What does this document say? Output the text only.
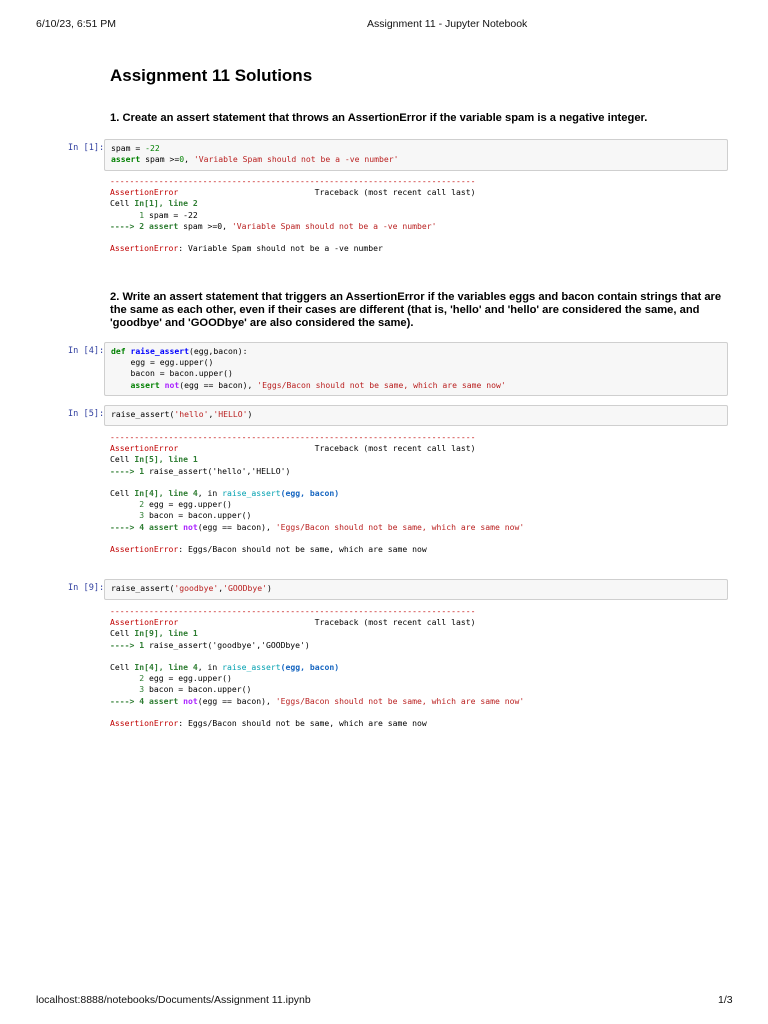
6/10/23, 6:51 PM	Assignment 11 - Jupyter Notebook
Assignment 11 Solutions
1. Create an assert statement that throws an AssertionError if the variable spam is a negative integer.
In [1]: spam = -22
assert spam >=0, 'Variable Spam should not be a -ve number'
---------------------------------------------------------------------------
AssertionError                            Traceback (most recent call last)
Cell In[1], line 2
1 spam = -22
----> 2 assert spam >=0, 'Variable Spam should not be a -ve number'

AssertionError: Variable Spam should not be a -ve number
2. Write an assert statement that triggers an AssertionError if the variables eggs and bacon contain strings that are the same as each other, even if their cases are different (that is, 'hello' and 'hello' are considered the same, and 'goodbye' and 'GOODbye' are also considered the same).
In [4]: def raise_assert(egg,bacon):
egg = egg.upper()
bacon = bacon.upper()
assert not(egg == bacon), 'Eggs/Bacon should not be same, which are same now'
In [5]: raise_assert('hello','HELLO')
---------------------------------------------------------------------------
AssertionError                            Traceback (most recent call last)
Cell In[5], line 1
----> 1 raise_assert('hello','HELLO')

Cell In[4], line 4, in raise_assert(egg, bacon)
2 egg = egg.upper()
3 bacon = bacon.upper()
----> 4 assert not(egg == bacon), 'Eggs/Bacon should not be same, which are same now'

AssertionError: Eggs/Bacon should not be same, which are same now
In [9]: raise_assert('goodbye','GOODbye')
---------------------------------------------------------------------------
AssertionError                            Traceback (most recent call last)
Cell In[9], line 1
----> 1 raise_assert('goodbye','GOODbye')

Cell In[4], line 4, in raise_assert(egg, bacon)
2 egg = egg.upper()
3 bacon = bacon.upper()
----> 4 assert not(egg == bacon), 'Eggs/Bacon should not be same, which are same now'

AssertionError: Eggs/Bacon should not be same, which are same now
localhost:8888/notebooks/Documents/Assignment 11.ipynb	1/3
